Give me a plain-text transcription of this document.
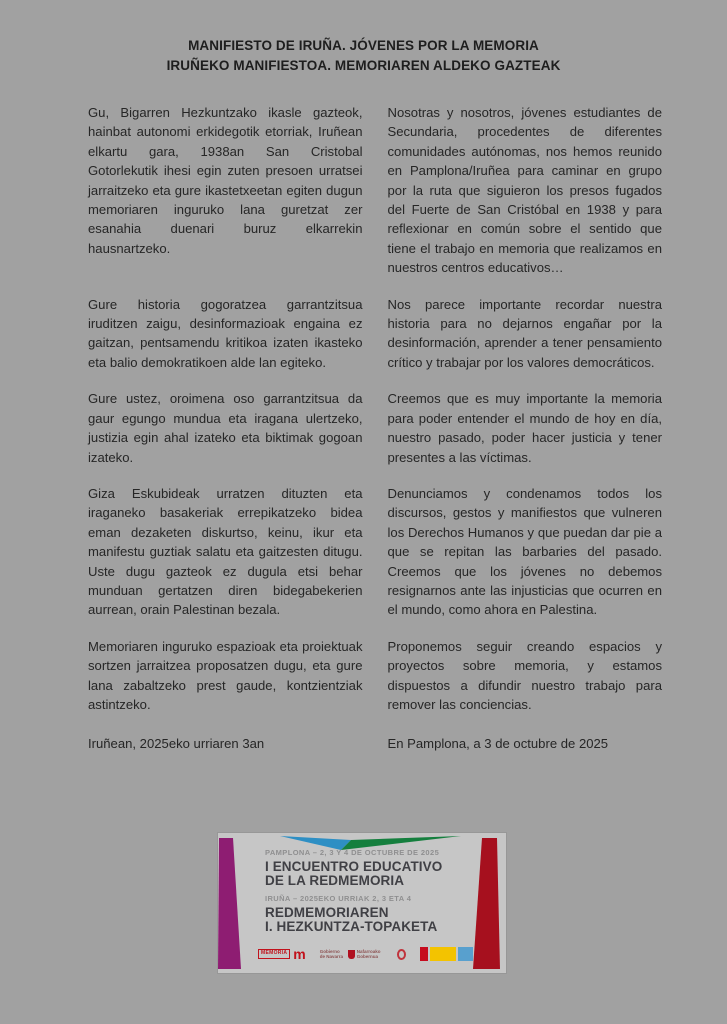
MANIFIESTO DE IRUÑA. JÓVENES POR LA MEMORIA
IRUÑEKO MANIFIESTOA. MEMORIAREN ALDEKO GAZTEAK

Gu, Bigarren Hezkuntzako ikasle gazteok, hainbat autonomi erkidegotik etorriak, Iruñean elkartu gara, 1938an San Cristobal Gotorlekutik ihesi egin zuten presoen urratsei jarraitzeko eta gure ikastetxeetan egiten dugun memoriaren inguruko lana guretzat zer esanahia duenari buruz elkarrekin hausnartzeko.

Nosotras y nosotros, jóvenes estudiantes de Secundaria, procedentes de diferentes comunidades autónomas, nos hemos reunido en Pamplona/Iruñea para caminar en grupo por la ruta que siguieron los presos fugados del Fuerte de San Cristóbal en 1938 y para reflexionar en común sobre el sentido que tiene el trabajo en memoria que realizamos en nuestros centros educativos…

Gure historia gogoratzea garrantzitsua iruditzen zaigu, desinformazioak engaina ez gaitzan, pentsamendu kritikoa izaten ikasteko eta balio demokratikoen alde lan egiteko.

Nos parece importante recordar nuestra historia para no dejarnos engañar por la desinformación, aprender a tener pensamiento crítico y trabajar por los valores democráticos.

Gure ustez, oroimena oso garrantzitsua da gaur egungo mundua eta iragana ulertzeko, justizia egin ahal izateko eta biktimak gogoan izateko.

Creemos que es muy importante la memoria para poder entender el mundo de hoy en día, nuestro pasado, poder hacer justicia y tener presentes a las víctimas.

Giza Eskubideak urratzen dituzten eta iraganeko basakeriak errepikatzeko bidea eman dezaketen diskurtso, keinu, ikur eta manifestu guztiak salatu eta gaitzesten ditugu. Uste dugu gazteok ez dugula etsi behar munduan gertatzen diren bidegabekerien aurrean, orain Palestinan bezala.

Denunciamos y condenamos todos los discursos, gestos y manifiestos que vulneren los Derechos Humanos y que puedan dar pie a que se repitan las barbaries del pasado. Creemos que los jóvenes no debemos resignarnos ante las injusticias que ocurren en el mundo, como ahora en Palestina.

Memoriaren inguruko espazioak eta proiektuak sortzen jarraitzea proposatzen dugu, eta gure lana zabaltzeko prest gaude, kontzientziak astintzeko.

Proponemos seguir creando espacios y proyectos sobre memoria, y estamos dispuestos a difundir nuestro trabajo para remover las conciencias.

Iruñean, 2025eko urriaren 3an	En Pamplona, a 3 de octubre de 2025

PAMPLONA – 2, 3 Y 4 DE OCTUBRE DE 2025
I ENCUENTRO EDUCATIVO
DE LA REDMEMORIA
IRUÑA – 2025EKO URRIAK 2, 3 ETA 4
REDMEMORIAREN
I. HEZKUNTZA-TOPAKETA
MEMORIA m	Gobierno de Navarra
Nafarroako Gobernua
